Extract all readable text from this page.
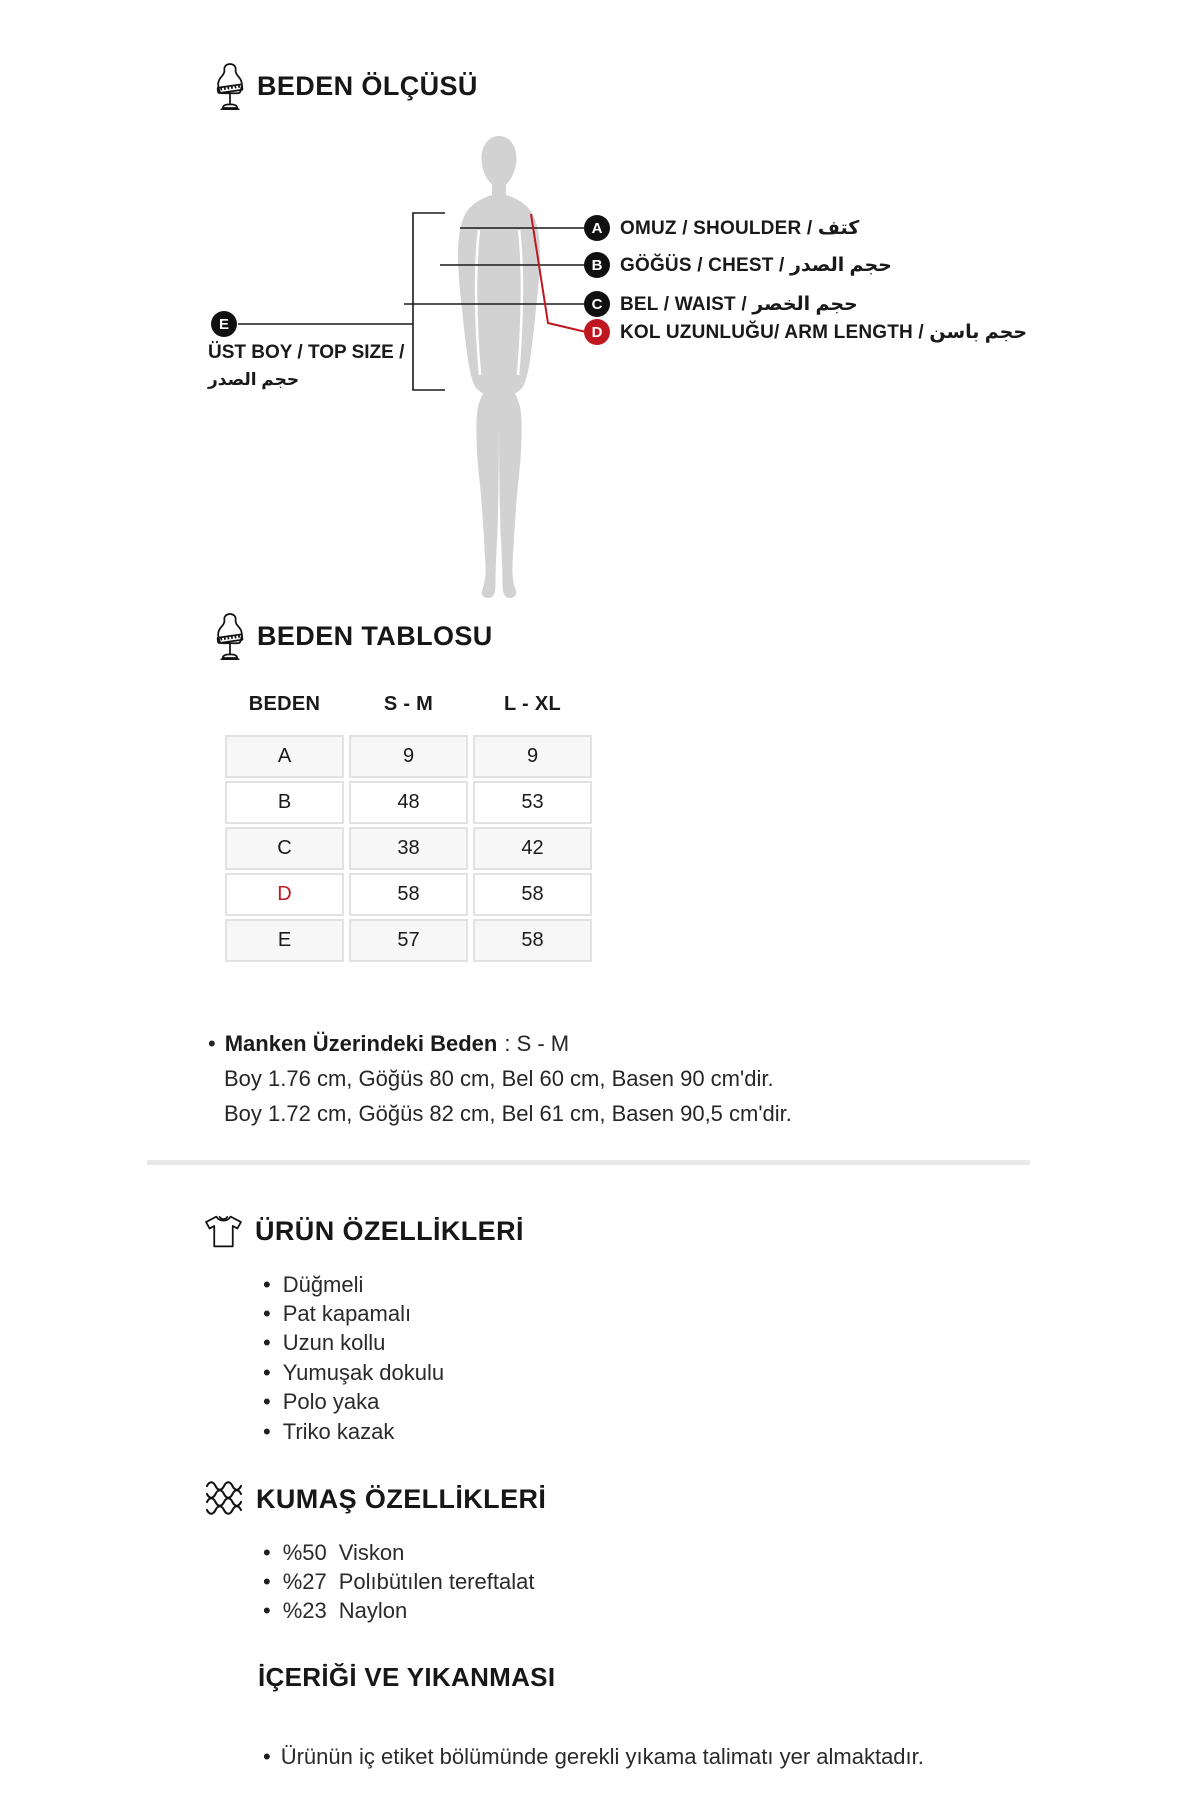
BEDEN ÖLÇÜSÜ
A
B
C
D
E
OMUZ / SHOULDER / كتف
GÖĞÜS / CHEST / حجم الصدر
BEL / WAIST / حجم الخصر
KOL UZUNLUĞU/ ARM LENGTH / حجم باسن
ÜST BOY / TOP SIZE /
حجم الصدر
BEDEN TABLOSU
BEDEN	S - M	L - XL
A	9	9
B	48	53
C	38	42
D	58	58
E	57	58
• Manken Üzerindeki Beden : S - M
Boy 1.76 cm, Göğüs 80 cm, Bel 60 cm, Basen 90 cm'dir.
Boy 1.72 cm, Göğüs 82 cm, Bel 61 cm, Basen 90,5 cm'dir.
ÜRÜN ÖZELLİKLERİ
• Düğmeli
• Pat kapamalı
• Uzun kollu
• Yumuşak dokulu
• Polo yaka
• Triko kazak
KUMAŞ ÖZELLİKLERİ
• %50 Viskon
• %27 Polıbütılen tereftalat
• %23 Naylon
İÇERİĞİ VE YIKANMASI
• Ürünün iç etiket bölümünde gerekli yıkama talimatı yer almaktadır.
